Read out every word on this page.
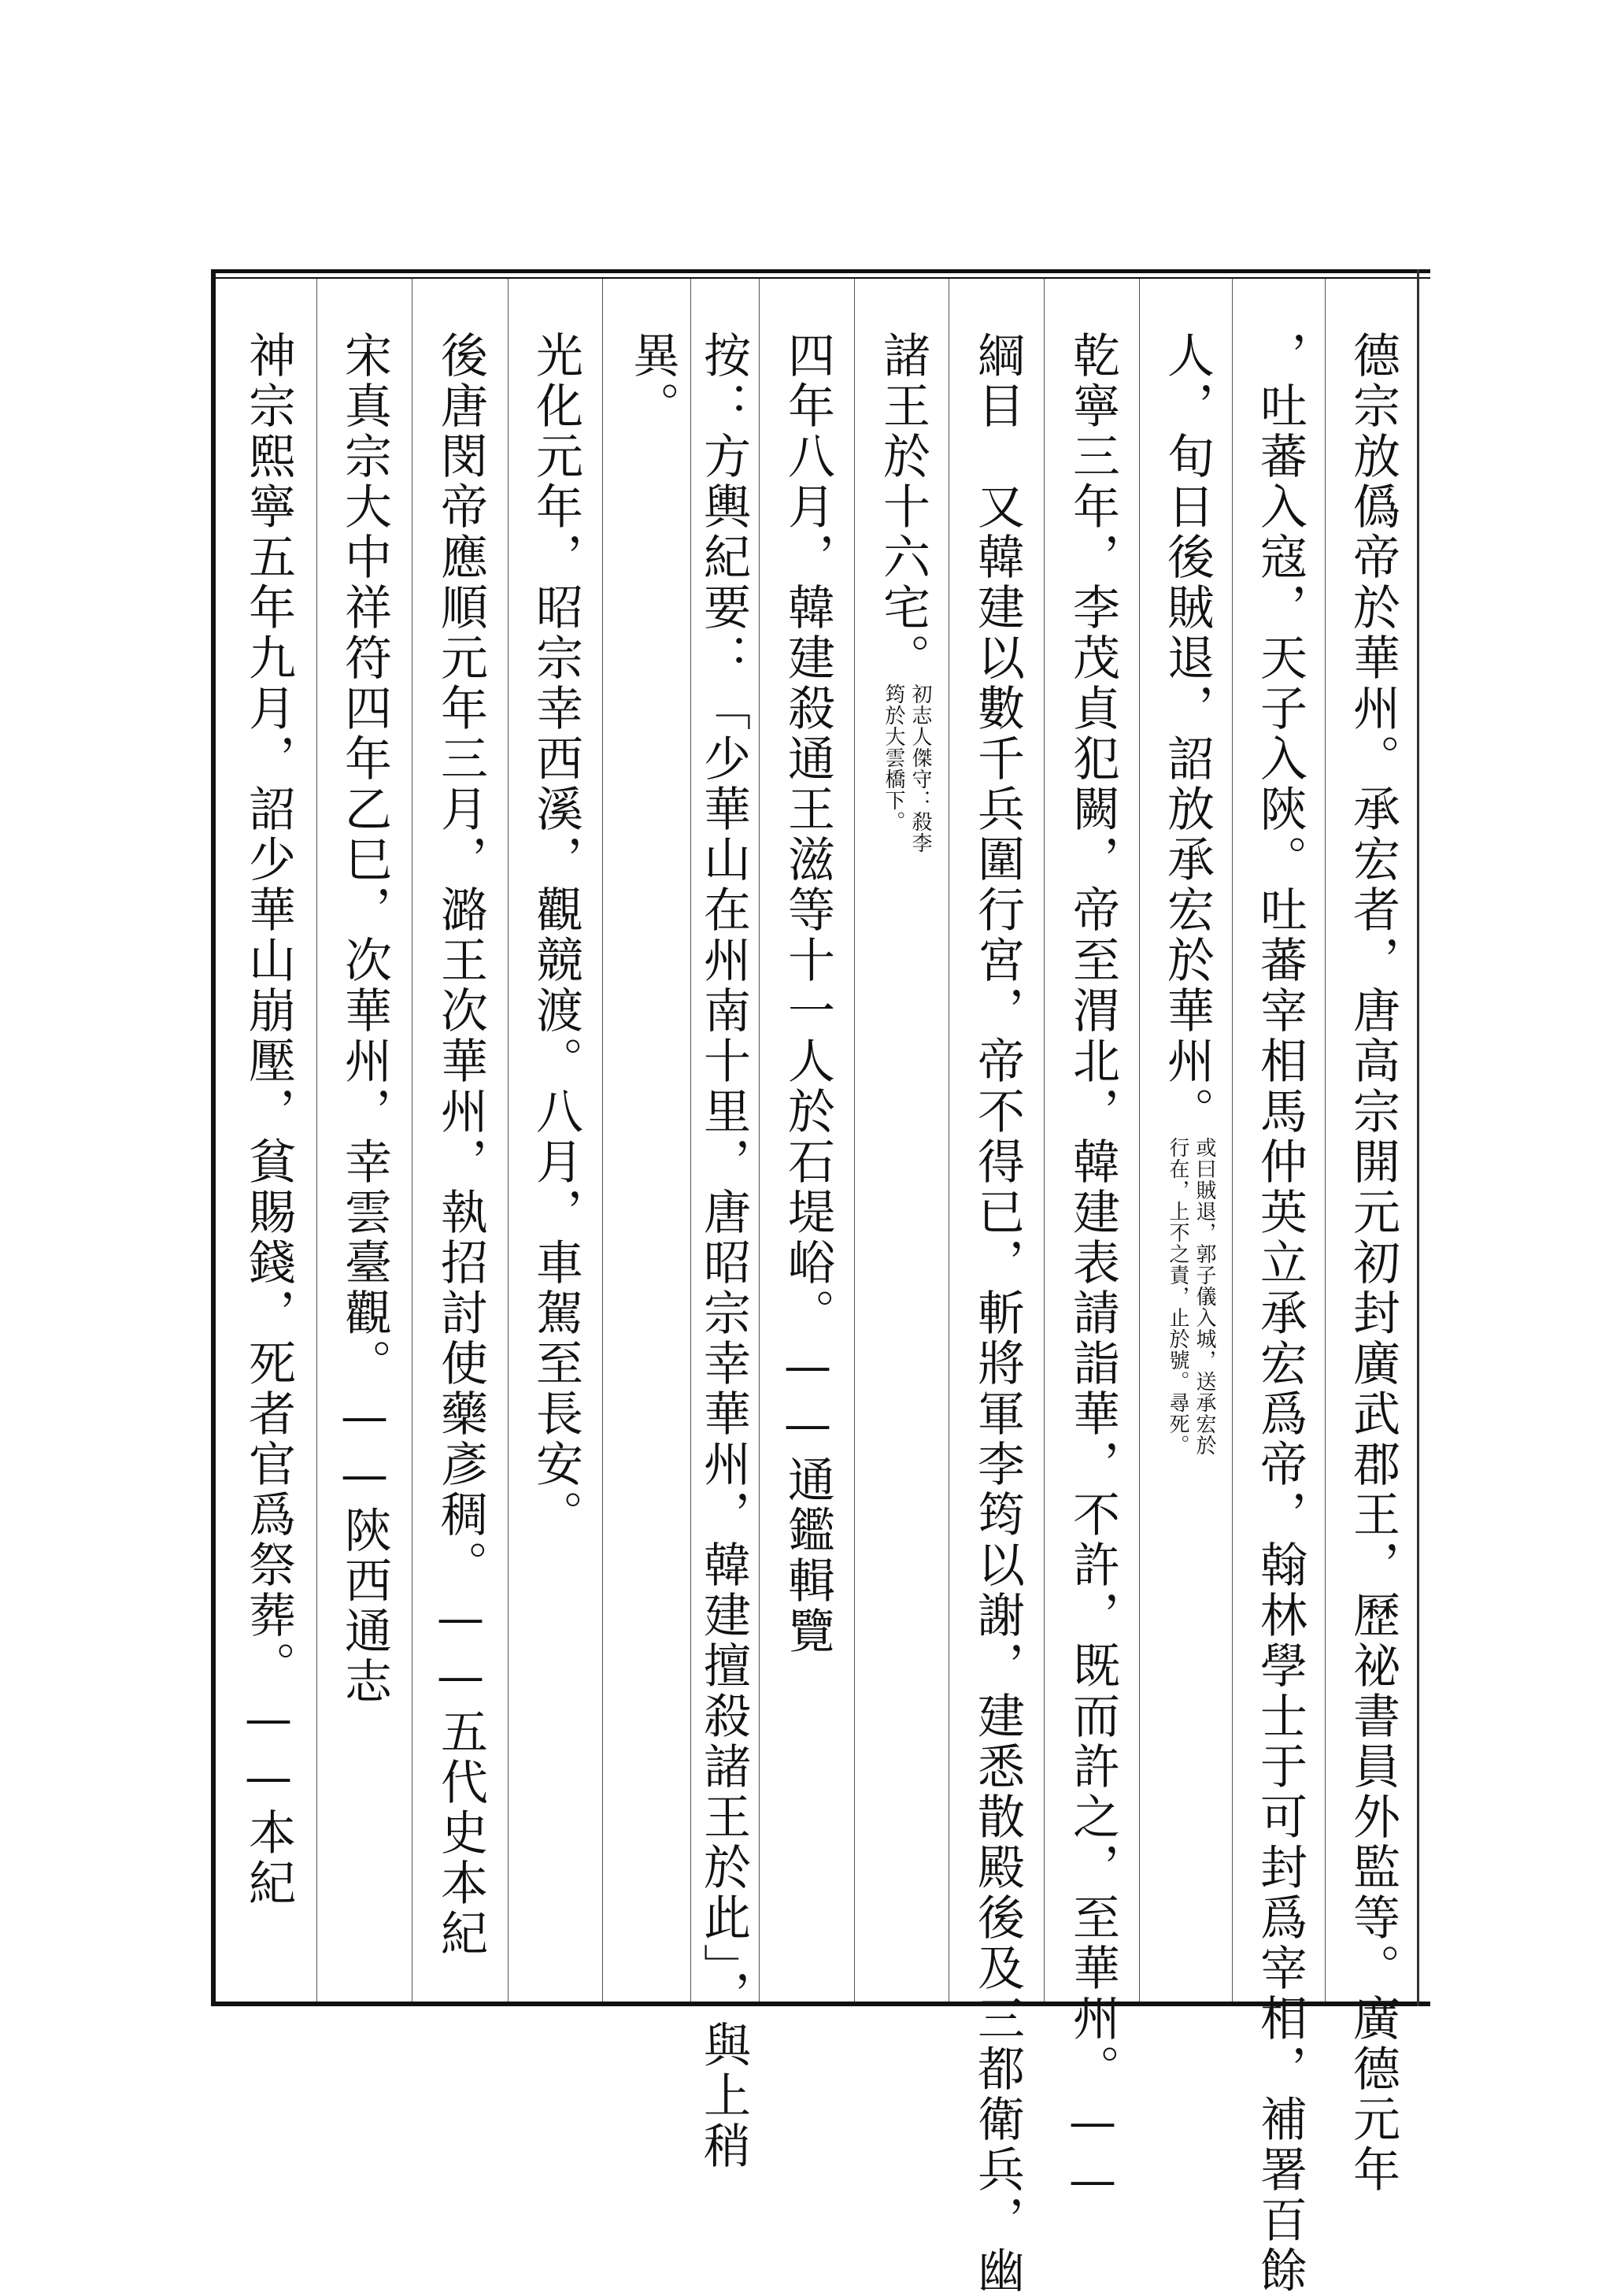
德宗放僞帝於華州。承宏者，唐高宗開元初封廣武郡王，歷祕書員外監等。廣德元年
，吐蕃入寇，天子入陝。吐蕃宰相馬仲英立承宏爲帝，翰林學士于可封爲宰相，補署百餘
人，旬日後賊退，詔放承宏於華州。
或曰賊退，郭子儀入城，送承宏於
行在，上不之責，止於號。尋死。
乾寧三年，李茂貞犯闕，帝至渭北，韓建表請詣華，不許，既而許之，至華州。——
綱目　又韓建以數千兵圍行宮，帝不得已，斬將軍李筠以謝，建悉散殿後及三都衛兵，幽
諸王於十六宅。
初志人傑守：殺李
筠於大雲橋下。
四年八月，韓建殺通王滋等十一人於石堤峪。——通鑑輯覽
按：方輿紀要：「少華山在州南十里，唐昭宗幸華州，韓建擅殺諸王於此」，與上稍
異。
光化元年，昭宗幸西溪，觀競渡。八月，車駕至長安。
後唐閔帝應順元年三月，潞王次華州，執招討使藥彥稠。——五代史本紀
宋真宗大中祥符四年乙巳，次華州，幸雲臺觀。——陝西通志
神宗熙寧五年九月，詔少華山崩壓，貧賜錢，死者官爲祭葬。——本紀
